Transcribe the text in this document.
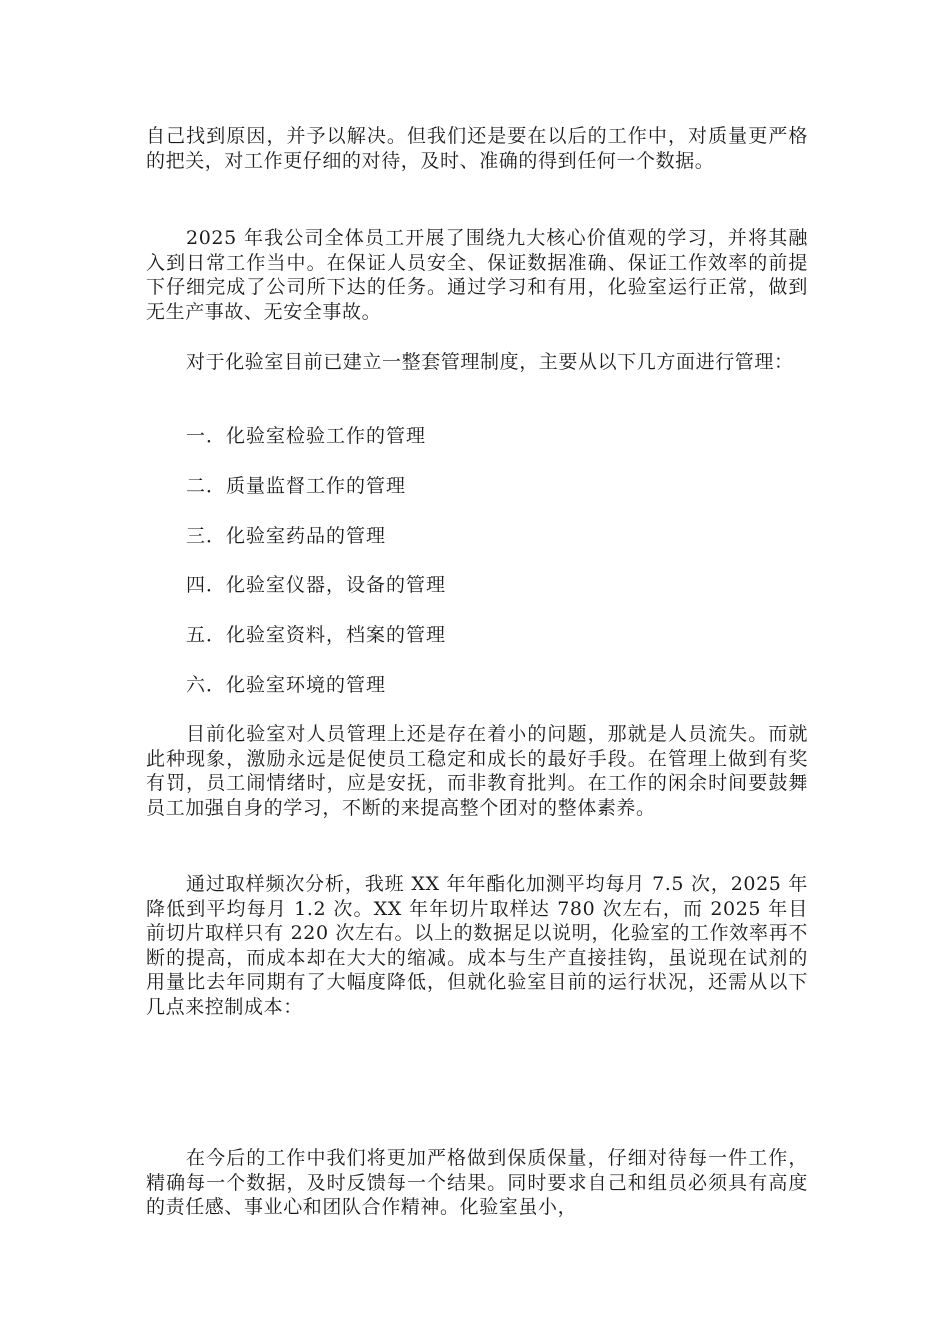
自己找到原因，并予以解决。但我们还是要在以后的工作中，对质量更严格的把关，对工作更仔细的对待，及时、准确的得到任何一个数据。

2025 年我公司全体员工开展了围绕九大核心价值观的学习，并将其融入到日常工作当中。在保证人员安全、保证数据准确、保证工作效率的前提下仔细完成了公司所下达的任务。通过学习和有用，化验室运行正常，做到无生产事故、无安全事故。

对于化验室目前已建立一整套管理制度，主要从以下几方面进行管理：

一．化验室检验工作的管理

二．质量监督工作的管理

三．化验室药品的管理

四．化验室仪器，设备的管理

五．化验室资料，档案的管理

六．化验室环境的管理

目前化验室对人员管理上还是存在着小的问题，那就是人员流失。而就此种现象，激励永远是促使员工稳定和成长的最好手段。在管理上做到有奖有罚，员工闹情绪时，应是安抚，而非教育批判。在工作的闲余时间要鼓舞员工加强自身的学习，不断的来提高整个团对的整体素养。

通过取样频次分析，我班 XX 年年酯化加测平均每月 7.5 次，2025 年降低到平均每月 1.2 次。XX 年年切片取样达 780 次左右，而 2025 年目前切片取样只有 220 次左右。以上的数据足以说明，化验室的工作效率再不断的提高，而成本却在大大的缩减。成本与生产直接挂钩，虽说现在试剂的用量比去年同期有了大幅度降低，但就化验室目前的运行状况，还需从以下几点来控制成本：

在今后的工作中我们将更加严格做到保质保量，仔细对待每一件工作，精确每一个数据，及时反馈每一个结果。同时要求自己和组员必须具有高度的责任感、事业心和团队合作精神。化验室虽小，
